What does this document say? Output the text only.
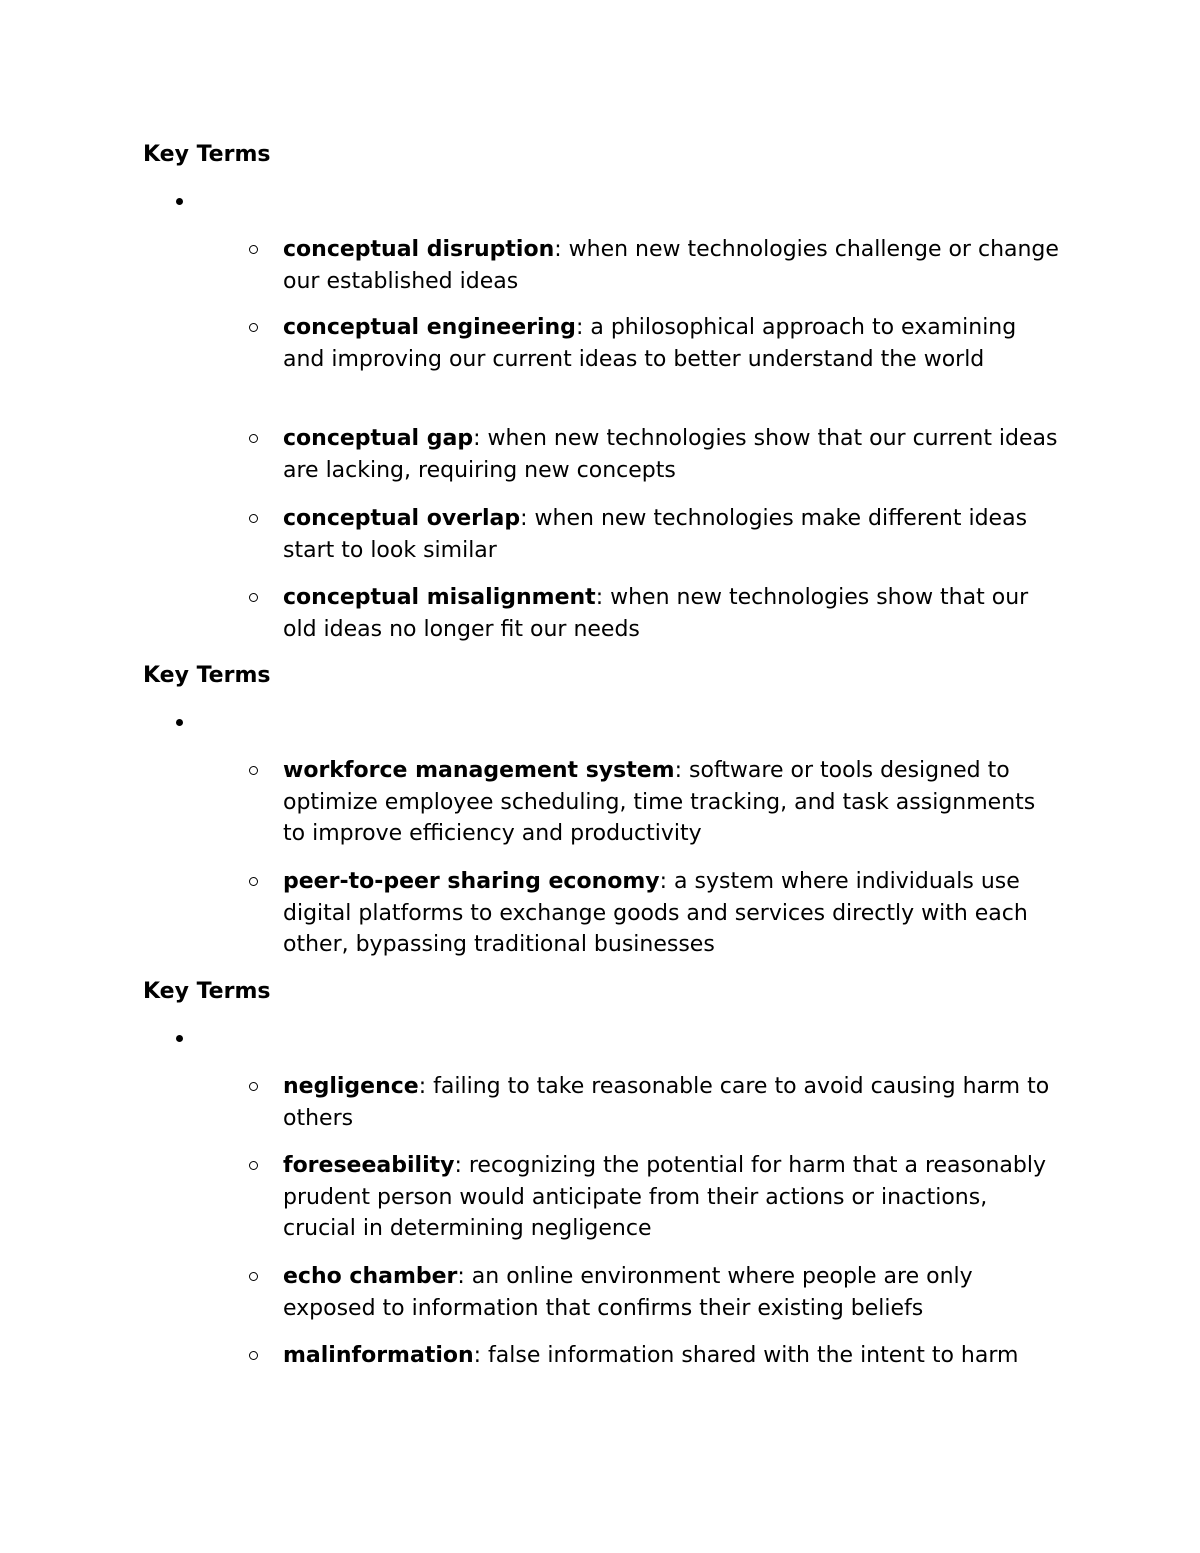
Key Terms

conceptual disruption: when new technologies challenge or change our established ideas

conceptual engineering: a philosophical approach to examining and improving our current ideas to better understand the world

conceptual gap: when new technologies show that our current ideas are lacking, requiring new concepts

conceptual overlap: when new technologies make different ideas start to look similar

conceptual misalignment: when new technologies show that our old ideas no longer fit our needs

Key Terms

workforce management system: software or tools designed to optimize employee scheduling, time tracking, and task assignments to improve efficiency and productivity

peer-to-peer sharing economy: a system where individuals use digital platforms to exchange goods and services directly with each other, bypassing traditional businesses

Key Terms

negligence: failing to take reasonable care to avoid causing harm to others

foreseeability: recognizing the potential for harm that a reasonably prudent person would anticipate from their actions or inactions, crucial in determining negligence

echo chamber: an online environment where people are only exposed to information that confirms their existing beliefs

malinformation: false information shared with the intent to harm
